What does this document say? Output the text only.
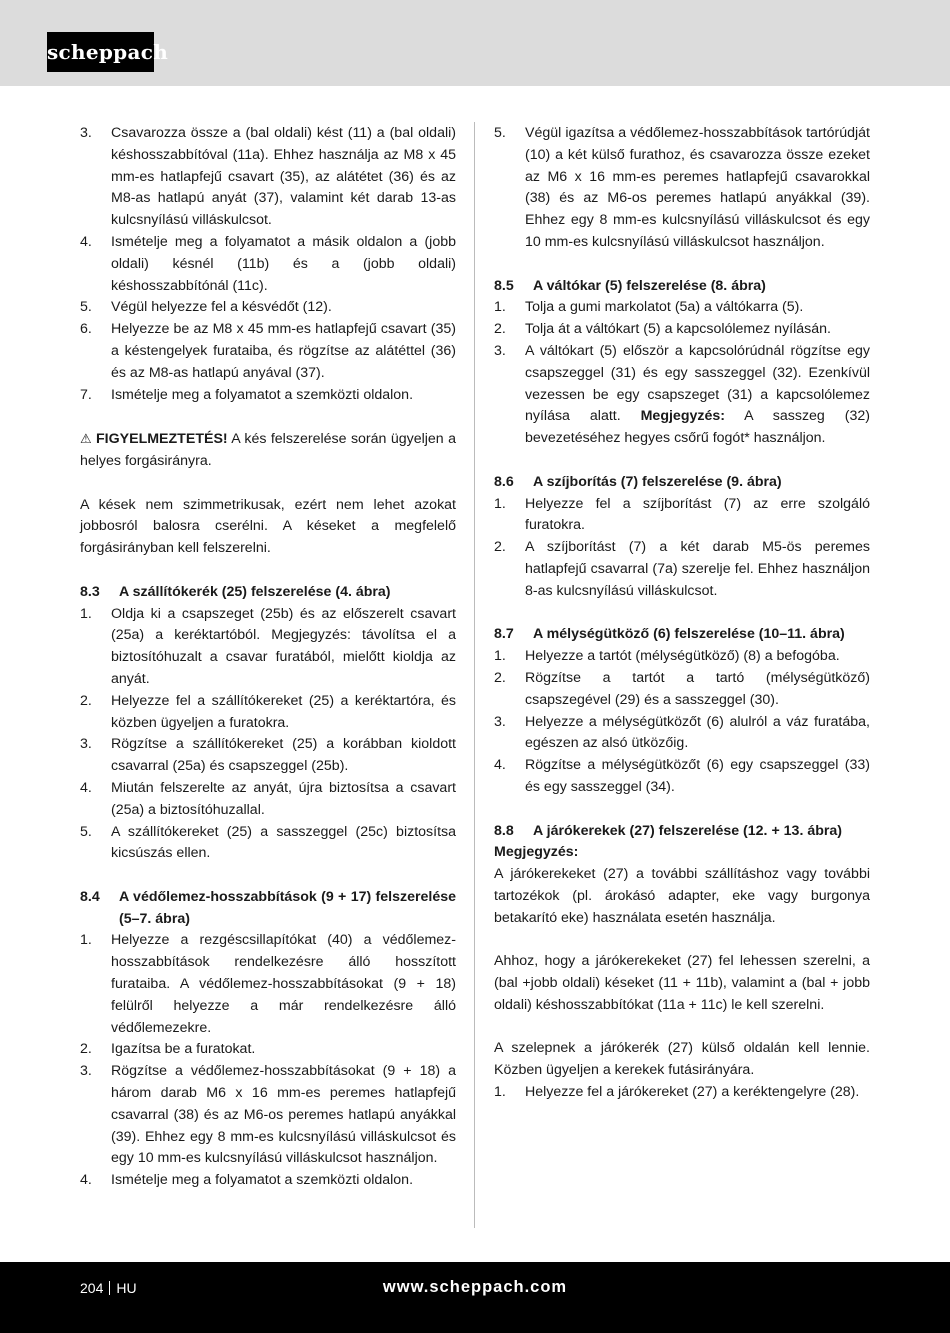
scheppach
3.	Csavarozza össze a (bal oldali) kést (11) a (bal oldali) késhosszabbítóval (11a). Ehhez használja az M8 x 45 mm-es hatlapfejű csavart (35), az alátétet (36) és az M8-as hatlapú anyát (37), valamint két darab 13-as kulcsnyílású villáskulcsot.
4.	Ismételje meg a folyamatot a másik oldalon a (jobb oldali) késnél (11b) és a (jobb oldali) késhosszabbítónál (11c).
5.	Végül helyezze fel a késvédőt (12).
6.	Helyezze be az M8 x 45 mm-es hatlapfejű csavart (35) a késtengelyek furataiba, és rögzítse az alátéttel (36) és az M8-as hatlapú anyával (37).
7.	Ismételje meg a folyamatot a szemközti oldalon.

⚠ FIGYELMEZTETÉS! A kés felszerelése során ügyeljen a helyes forgásirányra.

A kések nem szimmetrikusak, ezért nem lehet azokat jobbosról balosra cserélni. A késeket a megfelelő forgásirányban kell felszerelni.

8.3	A szállítókerék (25) felszerelése (4. ábra)
1.	Oldja ki a csapszeget (25b) és az előszerelt csavart (25a) a keréktartóból. Megjegyzés: távolítsa el a biztosítóhuzalt a csavar furatából, mielőtt kioldja az anyát.
2.	Helyezze fel a szállítókereket (25) a keréktartóra, és közben ügyeljen a furatokra.
3.	Rögzítse a szállítókereket (25) a korábban kioldott csavarral (25a) és csapszeggel (25b).
4.	Miután felszerelte az anyát, újra biztosítsa a csavart (25a) a biztosítóhuzallal.
5.	A szállítókereket (25) a sasszeggel (25c) biztosítsa kicsúszás ellen.
8.4	A védőlemez-hosszabbítások (9 + 17) felszerelése (5–7. ábra)
1.	Helyezze a rezgéscsillapítókat (40) a védőlemez-hosszabbítások rendelkezésre álló hosszított furataiba. A védőlemez-hosszabbításokat (9 + 18) felülről helyezze a már rendelkezésre álló védőlemezekre.
2.	Igazítsa be a furatokat.
3.	Rögzítse a védőlemez-hosszabbításokat (9 + 18) a három darab M6 x 16 mm-es peremes hatlapfejű csavarral (38) és az M6-os peremes hatlapú anyákkal (39). Ehhez egy 8 mm-es kulcsnyílású villáskulcsot és egy 10 mm-es kulcsnyílású villáskulcsot használjon.
4.	Ismételje meg a folyamatot a szemközti oldalon.
5.	Végül igazítsa a védőlemez-hosszabbítások tartórúdját (10) a két külső furathoz, és csavarozza össze ezeket az M6 x 16 mm-es peremes hatlapfejű csavarokkal (38) és az M6-os peremes hatlapú anyákkal (39). Ehhez egy 8 mm-es kulcsnyílású villáskulcsot és egy 10 mm-es kulcsnyílású villáskulcsot használjon.
8.5	A váltókar (5) felszerelése (8. ábra)
1.	Tolja a gumi markolatot (5a) a váltókarra (5).
2.	Tolja át a váltókart (5) a kapcsolólemez nyílásán.
3.	A váltókart (5) először a kapcsolórúdnál rögzítse egy csapszeggel (31) és egy sasszeggel (32). Ezenkívül vezessen be egy csapszeget (31) a kapcsolólemez nyílása alatt. Megjegyzés: A sasszeg (32) bevezetéséhez hegyes csőrű fogót* használjon.
8.6	A szíjborítás (7) felszerelése (9. ábra)
1.	Helyezze fel a szíjborítást (7) az erre szolgáló furatokra.
2.	A szíjborítást (7) a két darab M5-ös peremes hatlapfejű csavarral (7a) szerelje fel. Ehhez használjon 8-as kulcsnyílású villáskulcsot.
8.7	A mélységütköző (6) felszerelése (10–11. ábra)
1.	Helyezze a tartót (mélységütköző) (8) a befogóba.
2.	Rögzítse a tartót a tartó (mélységütköző) csapszegével (29) és a sasszeggel (30).
3.	Helyezze a mélységütközőt (6) alulról a váz furatába, egészen az alsó ütközőig.
4.	Rögzítse a mélységütközőt (6) egy csapszeggel (33) és egy sasszeggel (34).
8.8	A járókerekek (27) felszerelése (12. + 13. ábra)

Megjegyzés:

A járókerekeket (27) a további szállításhoz vagy további tartozékok (pl. árokásó adapter, eke vagy burgonya betakarító eke) használata esetén használja.

Ahhoz, hogy a járókerekeket (27) fel lehessen szerelni, a (bal +jobb oldali) késeket (11 + 11b), valamint a (bal + jobb oldali) késhosszabbítókat (11a + 11c) le kell szerelni.

A szelepnek a járókerék (27) külső oldalán kell lennie. Közben ügyeljen a kerekek futásirányára.

1.	Helyezze fel a járókereket (27) a keréktengelyre (28).
204 HU	www.scheppach.com
